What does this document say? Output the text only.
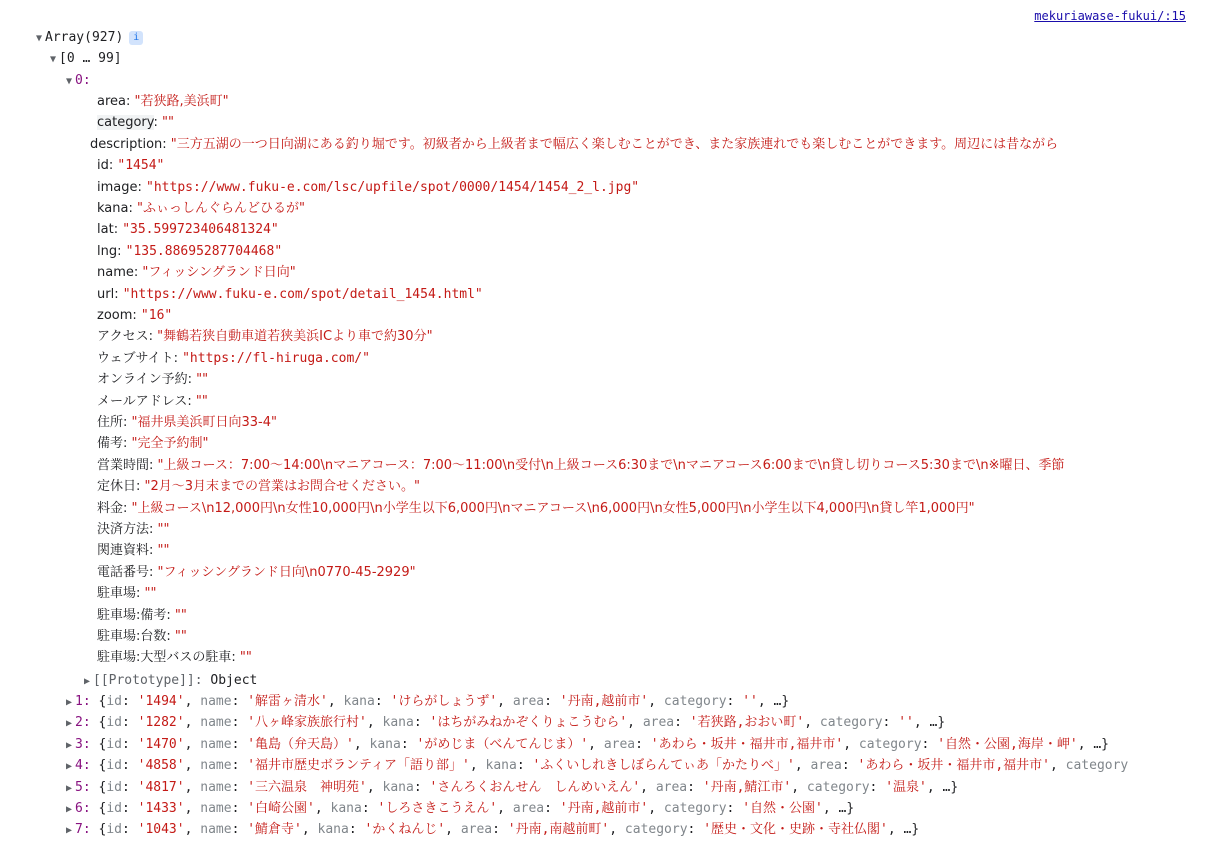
mekuriawase-fukui/:15
▼ Array(927) i
▼ [0 … 99]
▼ 0:
area: "若狭路,美浜町"
category: ""
description: "三方五湖の一つ日向湖にある釣り堀です。初級者から上級者まで幅広く楽しむことができ、また家族連れでも楽しむことができます。周辺には昔ながら
id: "1454"
image: "https://www.fuku-e.com/lsc/upfile/spot/0000/1454/1454_2_l.jpg"
kana: "ふぃっしんぐらんどひるが"
lat: "35.599723406481324"
lng: "135.88695287704468"
name: "フィッシングランド日向"
url: "https://www.fuku-e.com/spot/detail_1454.html"
zoom: "16"
アクセス: "舞鶴若狭自動車道若狭美浜ICより車で約30分"
ウェブサイト: "https://fl-hiruga.com/"
オンライン予約: ""
メールアドレス: ""
住所: "福井県美浜町日向33-4"
備考: "完全予約制"
営業時間: "上級コース：7:00～14:00\nマニアコース：7:00～11:00\n受付\n上級コース6:30まで\nマニアコース6:00まで\n貸し切りコース5:30まで\n※曜日、季節
定休日: "2月～3月末までの営業はお問合せください。"
料金: "上級コース\n12,000円\n女性10,000円\n小学生以下6,000円\nマニアコース\n6,000円\n女性5,000円\n小学生以下4,000円\n貸し竿1,000円"
決済方法: ""
関連資料: ""
電話番号: "フィッシングランド日向\n0770-45-2929"
駐車場: ""
駐車場:備考: ""
駐車場:台数: ""
駐車場:大型バスの駐車: ""
▶ [[Prototype]]: Object
▶ 1: {id: '1494', name: '解雷ヶ清水', kana: 'けらがしょうず', area: '丹南,越前市', category: '', …}
▶ 2: {id: '1282', name: '八ヶ峰家族旅行村', kana: 'はちがみねかぞくりょこうむら', area: '若狭路,おおい町', category: '', …}
▶ 3: {id: '1470', name: '亀島（弁天島）', kana: 'がめじま（べんてんじま）', area: 'あわら・坂井・福井市,福井市', category: '自然・公園,海岸・岬', …}
▶ 4: {id: '4858', name: '福井市歴史ボランティア「語り部」', kana: 'ふくいしれきしぼらんてぃあ「かたりべ」', area: 'あわら・坂井・福井市,福井市', category
▶ 5: {id: '4817', name: '三六温泉　神明苑', kana: 'さんろくおんせん　しんめいえん', area: '丹南,鯖江市', category: '温泉', …}
▶ 6: {id: '1433', name: '白崎公園', kana: 'しろさきこうえん', area: '丹南,越前市', category: '自然・公園', …}
▶ 7: {id: '1043', name: '鯖倉寺', kana: 'かくねんじ', area: '丹南,南越前町', category: '歴史・文化・史跡・寺社仏閣', …}
